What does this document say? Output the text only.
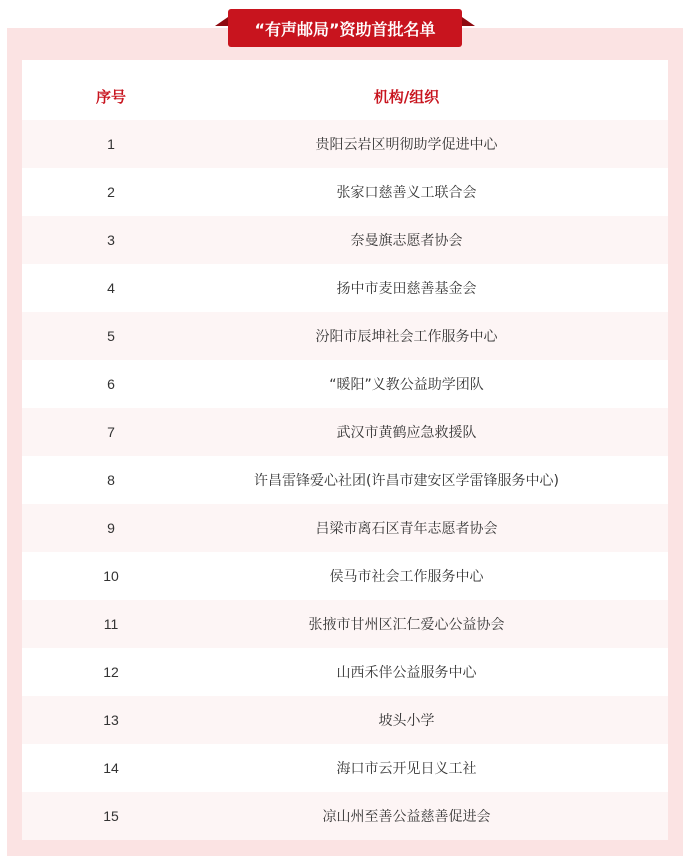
“有声邮局”资助首批名单
序号	机构/组织
1	贵阳云岩区明彻助学促进中心
2	张家口慈善义工联合会
3	奈曼旗志愿者协会
4	扬中市麦田慈善基金会
5	汾阳市辰坤社会工作服务中心
6	“暖阳”义教公益助学团队
7	武汉市黄鹤应急救援队
8	许昌雷锋爱心社团(许昌市建安区学雷锋服务中心)
9	吕梁市离石区青年志愿者协会
10	侯马市社会工作服务中心
11	张掖市甘州区汇仁爱心公益协会
12	山西禾伴公益服务中心
13	坡头小学
14	海口市云开见日义工社
15	凉山州至善公益慈善促进会
